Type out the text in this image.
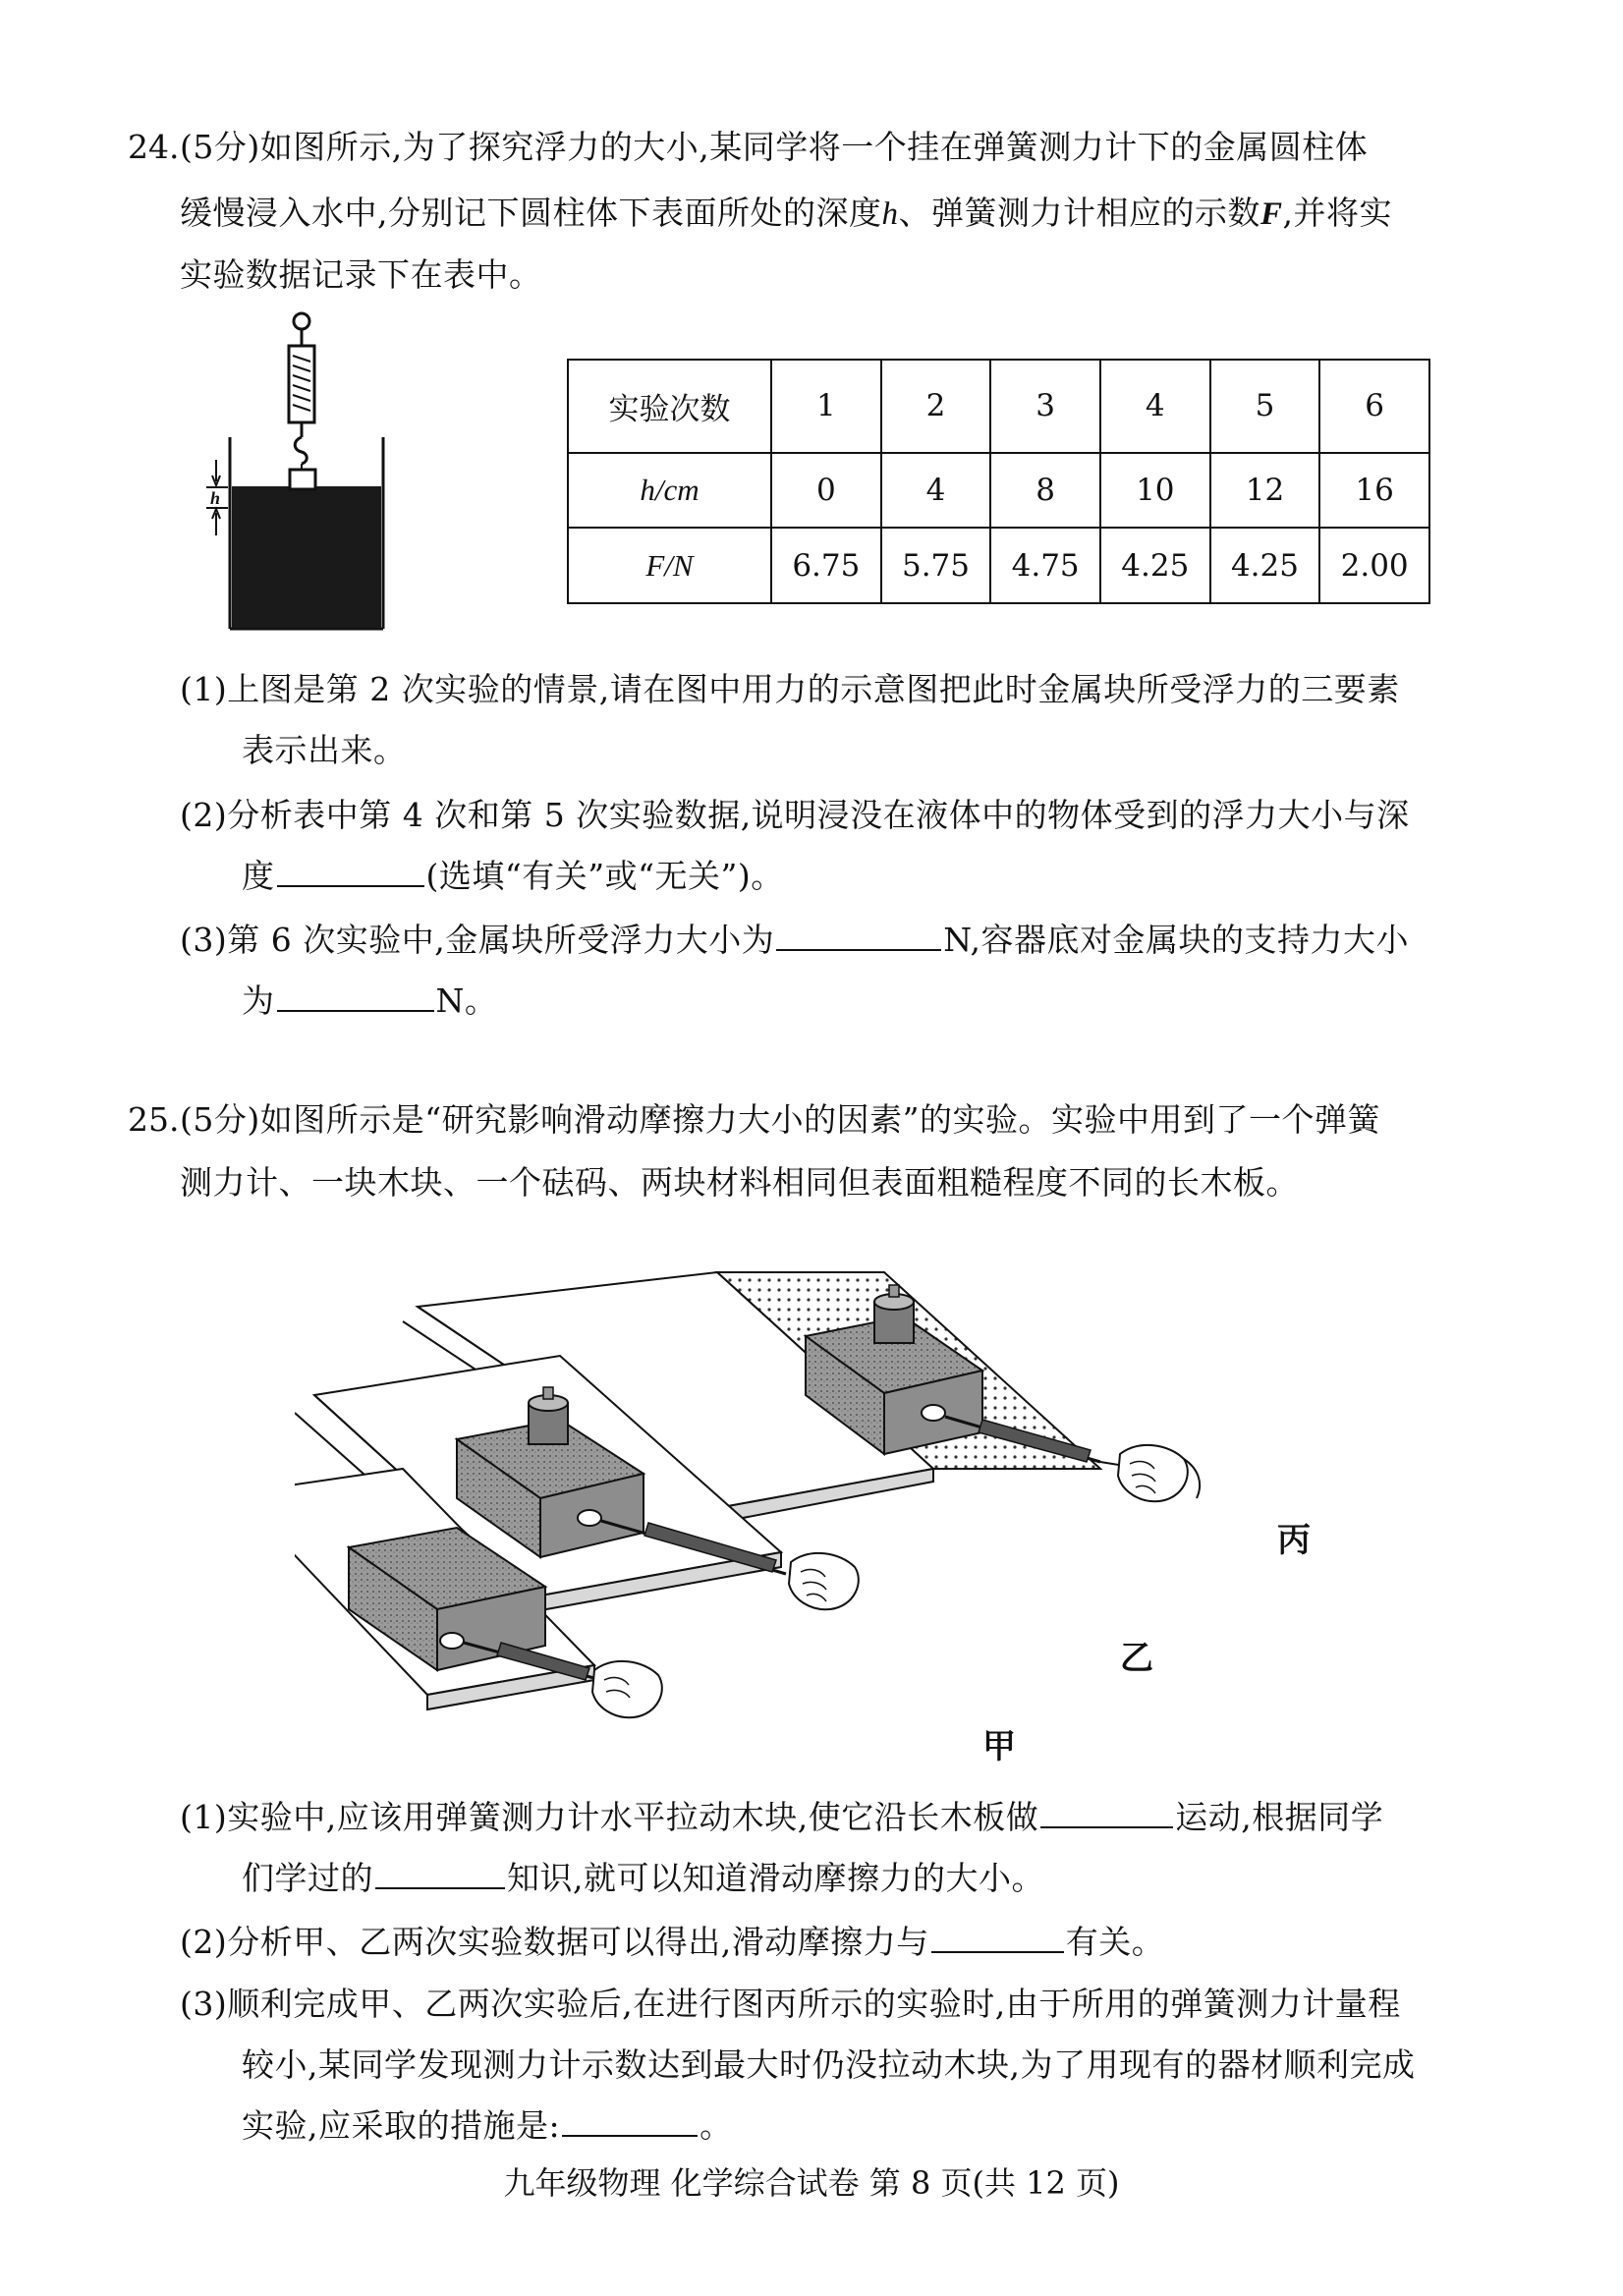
24. (5分)如图所示,为了探究浮力的大小,某同学将一个挂在弹簧测力计下的金属圆柱体
缓慢浸入水中,分别记下圆柱体下表面所处的深度h、弹簧测力计相应的示数F,并将实
实验数据记录下在表中。
h
实验次数	1	2	3	4	5	6
h/cm	0	4	8	10	12	16
F/N	6.75	5.75	4.75	4.25	4.25	2.00
(1)上图是第 2 次实验的情景,请在图中用力的示意图把此时金属块所受浮力的三要素
表示出来。
(2)分析表中第 4 次和第 5 次实验数据,说明浸没在液体中的物体受到的浮力大小与深
度	(选填“有关”或“无关”)。
(3)第 6 次实验中,金属块所受浮力大小为	N,容器底对金属块的支持力大小
为	N。
25. (5分)如图所示是“研究影响滑动摩擦力大小的因素”的实验。实验中用到了一个弹簧
测力计、一块木块、一个砝码、两块材料相同但表面粗糙程度不同的长木板。
丙
乙
甲
(1)实验中,应该用弹簧测力计水平拉动木块,使它沿长木板做	运动,根据同学
们学过的	知识,就可以知道滑动摩擦力的大小。
(2)分析甲、乙两次实验数据可以得出,滑动摩擦力与	有关。
(3)顺利完成甲、乙两次实验后,在进行图丙所示的实验时,由于所用的弹簧测力计量程
较小,某同学发现测力计示数达到最大时仍没拉动木块,为了用现有的器材顺利完成
实验,应采取的措施是:	。
九年级物理 化学综合试卷 第 8 页(共 12 页)
